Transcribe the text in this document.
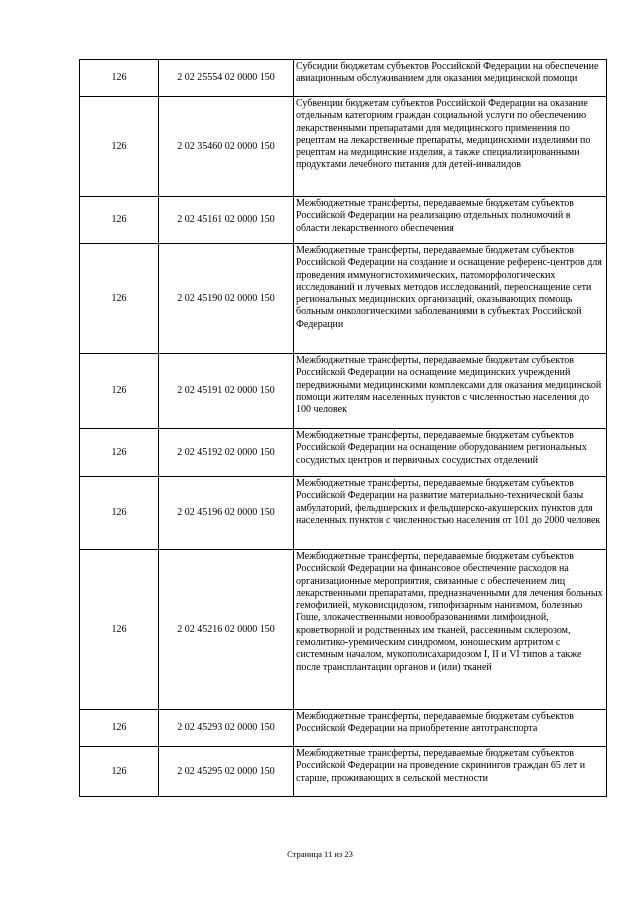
126	2 02 25554 02 0000 150	Субсидии бюджетам субъектов Российской Федерации на обеспечение авиационным обслуживанием для оказания медицинской помощи
126	2 02 35460 02 0000 150	Субвенции бюджетам субъектов Российской Федерации на оказание отдельным категориям граждан социальной услуги по обеспечению лекарственными препаратами для медицинского применения по рецептам на лекарственные препараты, медицинскими изделиями по рецептам на медицинские изделия, а также специализированными продуктами лечебного питания для детей-инвалидов
126	2 02 45161 02 0000 150	Межбюджетные трансферты, передаваемые бюджетам субъектов Российской Федерации на реализацию отдельных полномочий в области лекарственного обеспечения
126	2 02 45190 02 0000 150	Межбюджетные трансферты, передаваемые бюджетам субъектов Российской Федерации на создание и оснащение референс-центров для проведения иммуногистохимических, патоморфологических исследований и лучевых методов исследований, переоснащение сети региональных медицинских организаций, оказывающих помощь больным онкологическими заболеваниями в субъектах Российской Федерации
126	2 02 45191 02 0000 150	Межбюджетные трансферты, передаваемые бюджетам субъектов Российской Федерации на оснащение медицинских учреждений передвижными медицинскими комплексами для оказания медицинской помощи жителям населенных пунктов с численностью населения до 100 человек
126	2 02 45192 02 0000 150	Межбюджетные трансферты, передаваемые бюджетам субъектов Российской Федерации на оснащение оборудованием региональных сосудистых центров и первичных сосудистых отделений
126	2 02 45196 02 0000 150	Межбюджетные трансферты, передаваемые бюджетам субъектов Российской Федерации на развитие материально-технической базы амбулаторий, фельдшерских и фельдшерско-акушерских пунктов для населенных пунктов с численностью населения от 101 до 2000 человек
126	2 02 45216 02 0000 150	Межбюджетные трансферты, передаваемые бюджетам субъектов Российской Федерации на финансовое обеспечение расходов на организационные мероприятия, связанные с обеспечением лиц лекарственными препаратами, предназначенными для лечения больных гемофилией, муковисцидозом, гипофизарным нанизмом, болезнью Гоше, злокачественными новообразованиями лимфоидной, кроветворной и родственных им тканей, рассеянным склерозом, гемолитико-уремическим синдромом, юношеским артритом с системным началом, мукополисахаридозом I, II и VI типов а также после трансплантации органов и (или) тканей
126	2 02 45293 02 0000 150	Межбюджетные трансферты, передаваемые бюджетам субъектов Российской Федерации на приобретение автотранспорта
126	2 02 45295 02 0000 150	Межбюджетные трансферты, передаваемые бюджетам субъектов Российской Федерации на проведение скринингов граждан 65 лет и старше, проживающих в сельской местности
Страница 11 из 23
